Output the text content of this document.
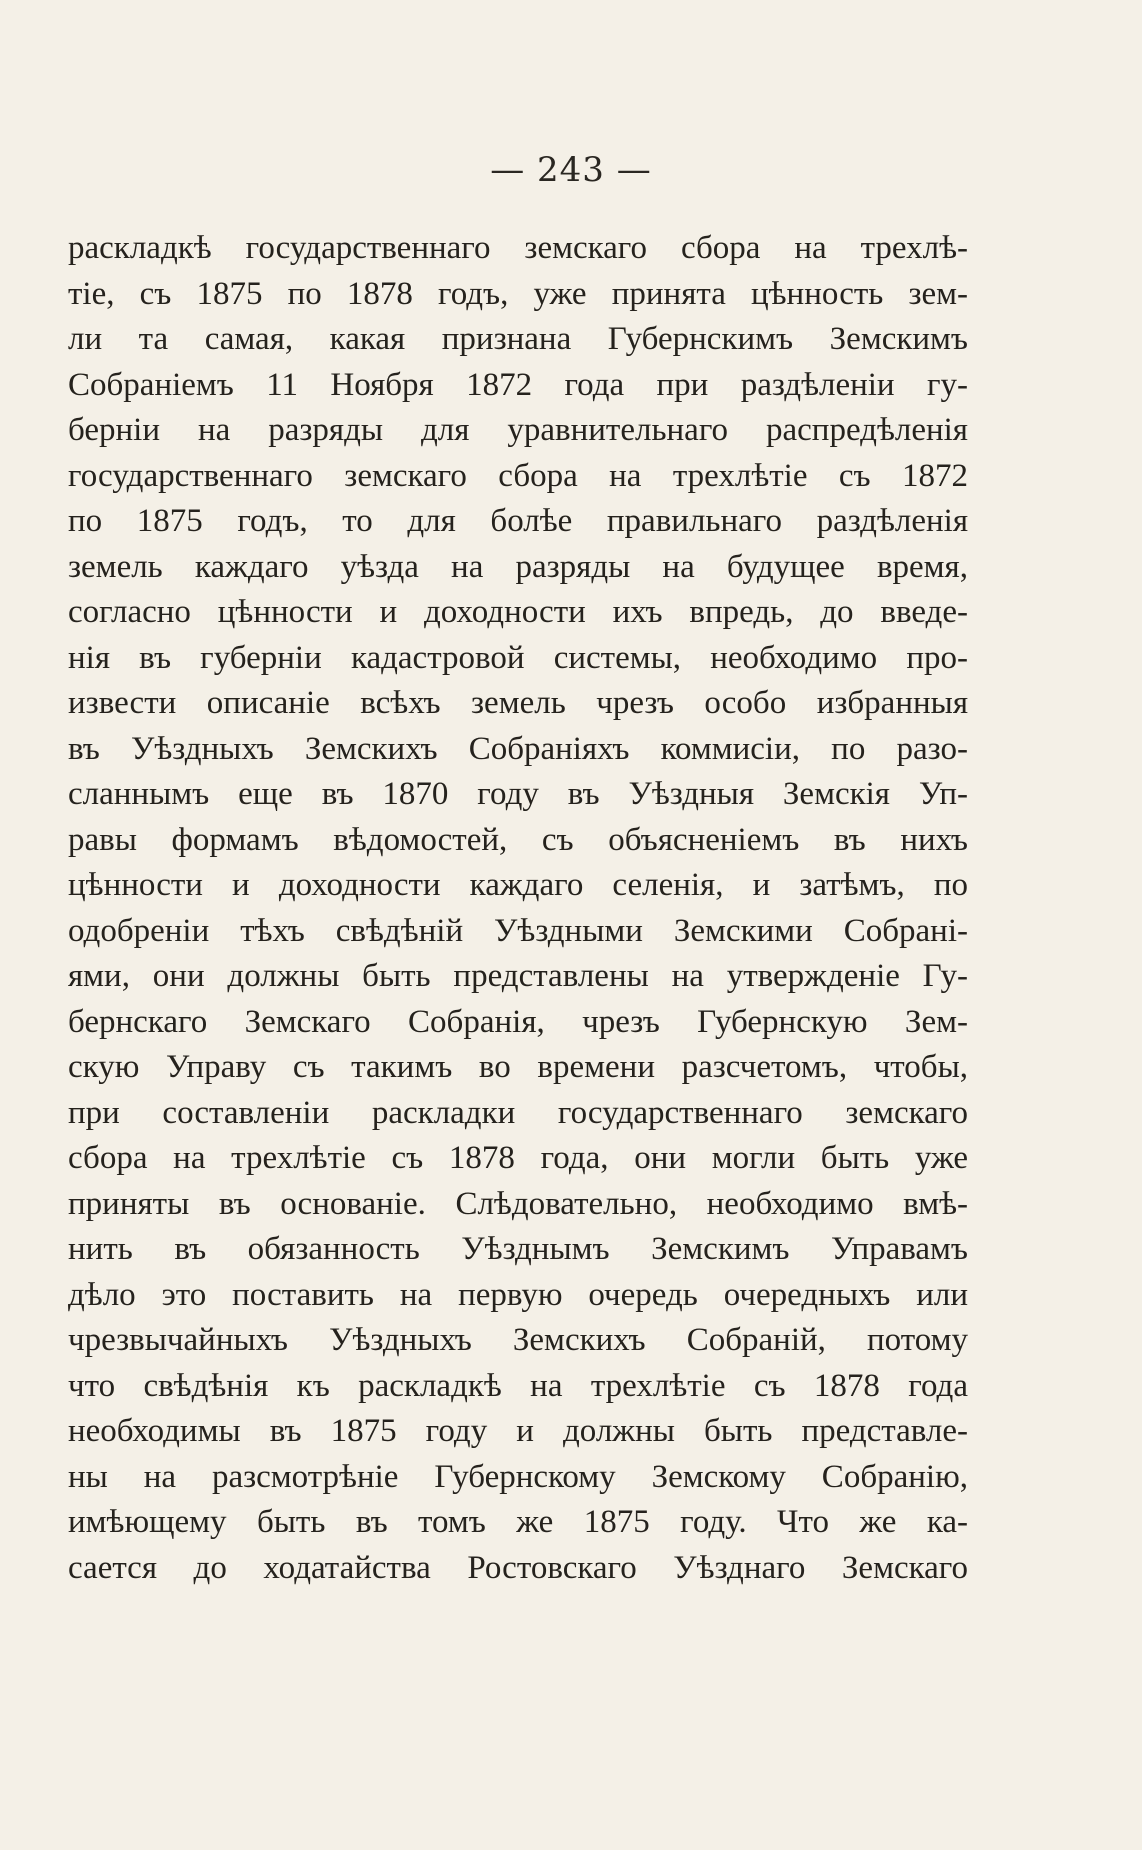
— 243 —
раскладкѣ государственнаго земскаго сбора на трехлѣ-
тіе, съ 1875 по 1878 годъ, уже принята цѣнность зем-
ли та самая, какая признана Губернскимъ Земскимъ
Собраніемъ 11 Ноября 1872 года при раздѣленіи гу-
берніи на разряды для уравнительнаго распредѣленія
государственнаго земскаго сбора на трехлѣтіе съ 1872
по 1875 годъ, то для болѣе правильнаго раздѣленія
земель каждаго уѣзда на разряды на будущее время,
согласно цѣнности и доходности ихъ впредь, до введе-
нія въ губерніи кадастровой системы, необходимо про-
извести описаніе всѣхъ земель чрезъ особо избранныя
въ Уѣздныхъ Земскихъ Собраніяхъ коммисіи, по разо-
сланнымъ еще въ 1870 году въ Уѣздныя Земскія Уп-
равы формамъ вѣдомостей, съ объясненіемъ въ нихъ
цѣнности и доходности каждаго селенія, и затѣмъ, по
одобреніи тѣхъ свѣдѣній Уѣздными Земскими Собрані-
ями, они должны быть представлены на утвержденіе Гу-
бернскаго Земскаго Собранія, чрезъ Губернскую Зем-
скую Управу съ такимъ во времени разсчетомъ, чтобы,
при составленіи раскладки государственнаго земскаго
сбора на трехлѣтіе съ 1878 года, они могли быть уже
приняты въ основаніе. Слѣдовательно, необходимо вмѣ-
нить въ обязанность Уѣзднымъ Земскимъ Управамъ
дѣло это поставить на первую очередь очередныхъ или
чрезвычайныхъ Уѣздныхъ Земскихъ Собраній, потому
что свѣдѣнія къ раскладкѣ на трехлѣтіе съ 1878 года
необходимы въ 1875 году и должны быть представле-
ны на разсмотрѣніе Губернскому Земскому Собранію,
имѣющему быть въ томъ же 1875 году. Что же ка-
сается до ходатайства Ростовскаго Уѣзднаго Земскаго
